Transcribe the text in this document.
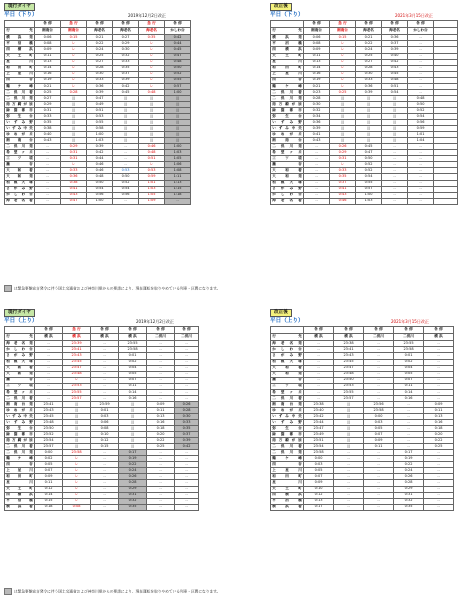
現行ダイヤ
平日（下り）	2019年12月2日改正
	各 停	急 行	各 停	各 停	急 行	各 停
行先	湘南台	湘南台	海老名	海老名	海老名	かしわ台
横 浜 発	0:06	0:15	0:21	0:27	0:35	0:42
平 沼 橋	0:08	レ	0:22	0:29	レ	0:44
西 横 浜	0:09	レ	0:24	0:30	レ	0:45
天 王 町	0:11	レ	0:25	0:32	レ	0:47
星 川	0:13	レ	0:27	0:33	レ	0:48
和 田 町	0:14	レ	0:28	0:35	レ	0:50
上 星 川	0:16	レ	0:30	0:37	レ	0:52
西 谷	0:19	レ	0:33	0:39	レ	0:55
鶴 ケ 峰	0:21	レ	0:36	0:42	レ	0:57
二 俣 川 着	0:25	0:28	0:39	0:45	0:48	1:00
二 俣 川 発	0:27	||	0:47	||	||	||
南万騎が原	0:29	||	0:49	||	||	||
緑園都市	0:31	||	0:51	||	||	||
弥 生 台	0:33	||	0:53	||	||	||
いずみ野	0:35	||	0:55	||	||	||
いずみ中央	0:38	||	0:58	||	||	||
ゆめが丘	0:40	||	1:00	||	||	||
湘 南 台	0:43	||	1:03	||	||	||
二 俣 川 発	‥	0:29	0:39	‥	0:46	1:00
希望ヶ丘	‥	0:31	0:42	‥	0:48	1:03
三 ツ 境	‥	0:31	0:44	‥	0:51	1:05
瀬 谷	‥	レ	0:46	‥	レ	1:06
大 和 着	‥	0:33	0:46	0:53	0:53	1:08
大 和 発	‥	0:36	0:48	0:50	0:59	1:11
相模大塚	‥	0:38	0:50	0:52	1:01	1:13
さがみ野	‥	0:41	0:54	0:54	1:03	1:15
かしわ台	‥	0:43	0:56	0:56	1:05	1:18
海 老 名 着	‥	0:47	1:00	‥	1:09	‥
改正後
平日（下り）	2021年3月15日改正
	各 停	急 行	各 停	各 停	各 停	
行先	湘南台	湘南台	海老名	海老名	かしわ台	
横 浜 発	0:06	0:15	0:21	0:36	‥	
平 沼 橋	0:08	レ	0:22	0:37	‥	
西 横 浜	0:09	レ	0:24	0:39	‥	
天 王 町	0:11	レ	0:25	0:40	‥	
星 川	0:13	レ	0:27	0:42	‥	
和 田 町	0:14	レ	0:28	0:43	‥	
上 星 川	0:16	レ	0:30	0:45	‥	
西 谷	0:19	レ	0:33	0:48	‥	
鶴 ケ 峰	0:21	レ	0:36	0:51	‥	
二 俣 川 着	0:23	0:25	0:39	0:54	‥	
二 俣 川 発	0:28	||	||	||	0:48	
南万騎が原	0:30	||	||	||	0:50	
緑園都市	0:32	||	||	||	0:52	
弥 生 台	0:34	||	||	||	0:54	
いずみ野	0:36	||	||	||	0:56	
いずみ中央	0:39	||	||	||	0:59	
ゆめが丘	0:41	||	||	||	1:01	
湘 南 台	0:43	||	||	||	1:04	
二 俣 川 発	‥	0:26	0:45	‥	‥	
希望ヶ丘	‥	0:29	0:47	‥	‥	
三 ツ 境	‥	0:31	0:50	‥	‥	
瀬 谷	‥	レ	0:52	‥	‥	
大 和 着	‥	0:33	0:52	‥	‥	
大 和 発	‥	0:35	0:54	‥	‥	
相模大塚	‥	0:37	0:55	‥	‥	
さがみ野	‥	0:41	0:57	‥	‥	
かしわ台	‥	0:43	1:00	‥	‥	
海 老 名 着	‥	0:46	1:03	‥	‥	
現行ダイヤ
平日（上り）	2019年12月2日改正
	各 停	急 行	各 停	各 停	各 停	各 停
行先	横 浜	横 浜	横 浜	横 浜	二俣川	二俣川
海 老 名 発	‥	23:39	‥	23:55	‥	‥
かしわ台	‥	23:41	‥	23:58	‥	‥
さがみ野	‥	23:43	‥	0:01	‥	‥
相模大塚	‥	23:45	‥	0:02	‥	‥
大 和 着	‥	23:47	‥	0:04	‥	‥
大 和 発	‥	23:48	‥	0:05	‥	‥
瀬 谷	‥	レ	‥	0:07	‥	‥
三 ツ 境	‥	23:53	‥	0:11	‥	‥
希望ヶ丘	‥	23:55	‥	0:14	‥	‥
二 俣 川 着	‥	23:57	‥	0:16	‥	‥
湘 南 台 発	23:41	||	23:59	||	0:09	0:26
ゆめが丘	23:43	||	0:01	||	0:11	0:28
いずみ中央	23:45	||	0:03	||	0:13	0:30
いずみ野	23:48	||	0:06	||	0:16	0:33
弥 生 台	23:50	||	0:08	||	0:18	0:35
緑園都市	23:52	||	0:10	||	0:20	0:37
南万騎が原	23:54	||	0:12	||	0:22	0:39
二 俣 川 着	23:57	||	0:15	||	0:25	0:42
二 俣 川 発	0:00	23:58	‥	0:17	‥	‥
鶴 ケ 峰	0:02	レ	‥	0:19	‥	‥
西 谷	0:05	レ	‥	0:22	‥	‥
上 星 川	0:07	レ	‥	0:24	‥	‥
和 田 町	0:09	レ	‥	0:26	‥	‥
星 川	0:11	レ	‥	0:28	‥	‥
天 王 町	0:12	レ	‥	0:29	‥	‥
西 横 浜	0:14	レ	‥	0:31	‥	‥
平 沼 橋	0:15	レ	‥	0:32	‥	‥
横 浜 着	0:18	0:08	‥	0:35	‥	‥
改正後
平日（上り）	2021年3月15日改正
	各 停	各 停	各 停	各 停	各 停
行先	横 浜	横 浜	二俣川	二俣川	横 浜
海 老 名 発	‥	23:38	‥	23:55	‥
かしわ台	‥	23:41	‥	23:58	‥
さがみ野	‥	23:43	‥	0:01	‥
相模大塚	‥	23:45	‥	0:02	‥
大 和 着	‥	23:47	‥	0:04	‥
大 和 発	‥	23:48	‥	0:05	‥
瀬 谷	‥	23:50	‥	0:07	‥
三 ツ 境	‥	23:53	‥	0:11	‥
希望ヶ丘	‥	23:55	‥	0:14	‥
二 俣 川 着	‥	23:57	‥	0:16	‥
湘 南 台 発	23:38	||	23:56	‥	0:09
ゆめが丘	23:40	||	23:58	‥	0:11
いずみ中央	23:42	||	0:00	‥	0:13
いずみ野	23:44	||	0:03	‥	0:16
弥 生 台	23:47	||	0:05	‥	0:18
緑園都市	23:49	||	0:07	‥	0:20
南万騎が原	23:51	||	0:09	‥	0:22
二 俣 川 着	23:54	||	0:11	‥	0:25
二 俣 川 発	23:58	‥	‥	0:17	‥
鶴 ケ 峰	0:00	‥	‥	0:19	‥
西 谷	0:03	‥	‥	0:22	‥
上 星 川	0:05	‥	‥	0:24	‥
和 田 町	0:07	‥	‥	0:26	‥
星 川	0:09	‥	‥	0:28	‥
天 王 町	0:10	‥	‥	0:29	‥
西 横 浜	0:12	‥	‥	0:31	‥
平 沼 橋	0:13	‥	‥	0:32	‥
横 浜 着	0:17	‥	‥	0:35	‥
は緊急事態宣言発令に伴う国土交通省および神奈川県からの要請により、現在運転を取りやめている列車・区間になります。
は緊急事態宣言発令に伴う国土交通省および神奈川県からの要請により、現在運転を取りやめている列車・区間になります。
